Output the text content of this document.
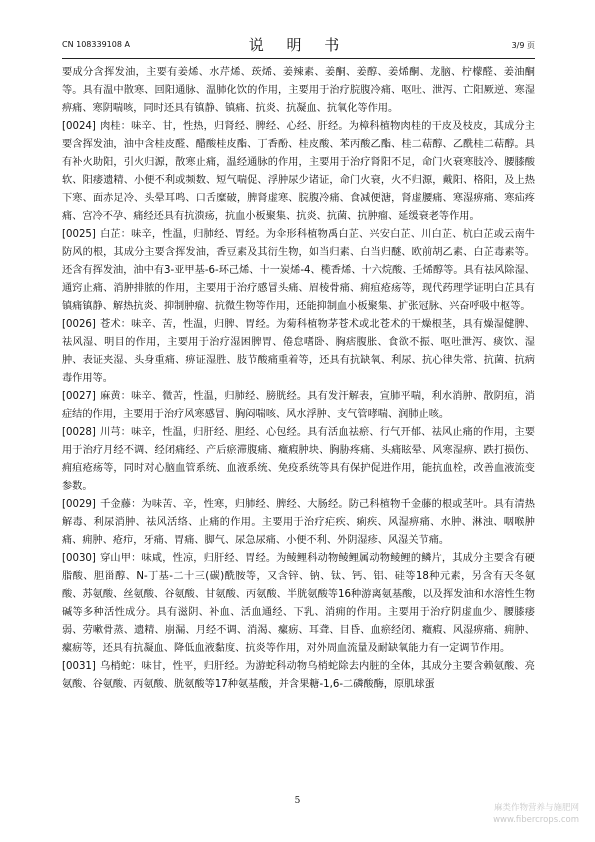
CN 108339108 A	说 明 书	3/9 页

要成分含挥发油，主要有姜烯、水芹烯、莰烯、姜辣素、姜酮、姜醇、姜烯酮、龙脑、柠檬醛、姜油酮等。具有温中散寒、回阳通脉、温肺化饮的作用，主要用于治疗脘腹冷痛、呕吐、泄泻、亡阳厥逆、寒湿痹痛、寒阴喘咳，同时还具有镇静、镇痛、抗炎、抗凝血、抗氧化等作用。

[0024] 肉桂：味辛、甘，性热，归肾经、脾经、心经、肝经。为樟科植物肉桂的干皮及枝皮，其成分主要含挥发油，油中含桂皮醛、醋酸桂皮酯、丁香酚、桂皮酸、苯丙酸乙酯、桂二萜醇、乙酰桂二萜醇。具有补火助阳，引火归源，散寒止痛，温经通脉的作用，主要用于治疗肾阳不足，命门火衰寒肢冷、腰膝酸软、阳痿遗精、小便不利或频数、短气喘促、浮肿尿少诸证，命门火衰，火不归源，戴阳、格阳，及上热下寒、面赤足冷、头晕耳鸣、口舌糜破，脾肾虚寒、脘腹冷痛、食减便溏，肾虚腰痛、寒湿痹痛、寒疝疼痛、宫冷不孕、痛经还具有抗溃疡，抗血小板聚集、抗炎、抗菌、抗肿瘤、延缓衰老等作用。

[0025] 白芷：味辛，性温，归肺经、胃经。为伞形科植物禹白芷、兴安白芷、川白芷、杭白芷或云南牛防风的根，其成分主要含挥发油，香豆素及其衍生物，如当归素、白当归醚、欧前胡乙素、白芷毒素等。还含有挥发油，油中有3-亚甲基-6-环己烯、十一炭烯-4、榄香烯、十六烷酸、壬烯醇等。具有祛风除湿、通窍止痛、消肿排脓的作用，主要用于治疗感冒头痛、眉棱骨痛、痈疽疮疡等，现代药理学证明白芷具有镇痛镇静、解热抗炎、抑制肿瘤、抗微生物等作用，还能抑制血小板聚集、扩张冠脉、兴奋呼吸中枢等。

[0026] 苍术：味辛、苦，性温，归脾、胃经。为菊科植物茅苍术或北苍术的干燥根茎，具有燥湿健脾、祛风湿、明目的作用，主要用于治疗湿困脾胃、倦怠嗜卧、胸痞腹胀、食欲不振、呕吐泄泻、痰饮、湿肿、表证夹湿、头身重痛、痹证湿胜、肢节酸痛重着等，还具有抗缺氧、利尿、抗心律失常、抗菌、抗病毒作用等。

[0027] 麻黄：味辛、微苦，性温，归肺经、膀胱经。具有发汗解表，宣肺平喘，利水消肿、散阴疽，消症结的作用，主要用于治疗风寒感冒、胸闷喘咳、风水浮肿、支气管哮喘、润肺止咳。

[0028] 川芎：味辛，性温，归肝经、胆经、心包经。具有活血祛瘀、行气开郁、祛风止痛的作用，主要用于治疗月经不调、经闭痛经、产后瘀滞腹痛、癥瘕肿块、胸胁疼痛、头痛眩晕、风寒湿痹、跌打损伤、痈疽疮疡等，同时对心脑血管系统、血液系统、免疫系统等具有保护促进作用，能抗血栓，改善血液流变参数。

[0029] 千金藤：为味苦、辛，性寒，归肺经、脾经、大肠经。防己科植物千金藤的根或茎叶。具有清热解毒、利尿消肿、祛风活络、止痛的作用。主要用于治疗疟疾、痢疾、风湿痹痛、水肿、淋浊、咽喉肿痛、痈肿、疮疖，牙痛、胃痛、脚气、尿急尿痛、小便不利、外阴湿疹、风湿关节痛。

[0030] 穿山甲：味咸，性凉，归肝经、胃经。为鲮鲤科动物鲮鲤属动物鲮鲤的鳞片，其成分主要含有硬脂酸、胆甾醇、N-丁基-二十三(碳)酰胺等，又含锌、钠、钛、钙、铝、硅等18种元素，另含有天冬氨酸、苏氨酸、丝氨酸、谷氨酸、甘氨酸、丙氨酸、半胱氨酸等16种游离氨基酸，以及挥发油和水溶性生物碱等多种活性成分。具有滋阴、补血、活血通经、下乳、消痈的作用。主要用于治疗阴虚血少、腰膝痿弱、劳嗽骨蒸、遗精、崩漏、月经不调、消渴、瘰疬、耳聋、目昏、血瘀经闭、癥瘕、风湿痹痛、痈肿、瘰疬等，还具有抗凝血、降低血液黏度、抗炎等作用，对外周血流量及耐缺氧能力有一定调节作用。

[0031] 乌梢蛇：味甘，性平，归肝经。为游蛇科动物乌梢蛇除去内脏的全体，其成分主要含赖氨酸、亮氨酸、谷氨酸、丙氨酸、胱氨酸等17种氨基酸，并含果糖-1,6-二磷酸酶，原肌球蛋

5
麻类作物营养与施肥网
www.fibercrops.com
